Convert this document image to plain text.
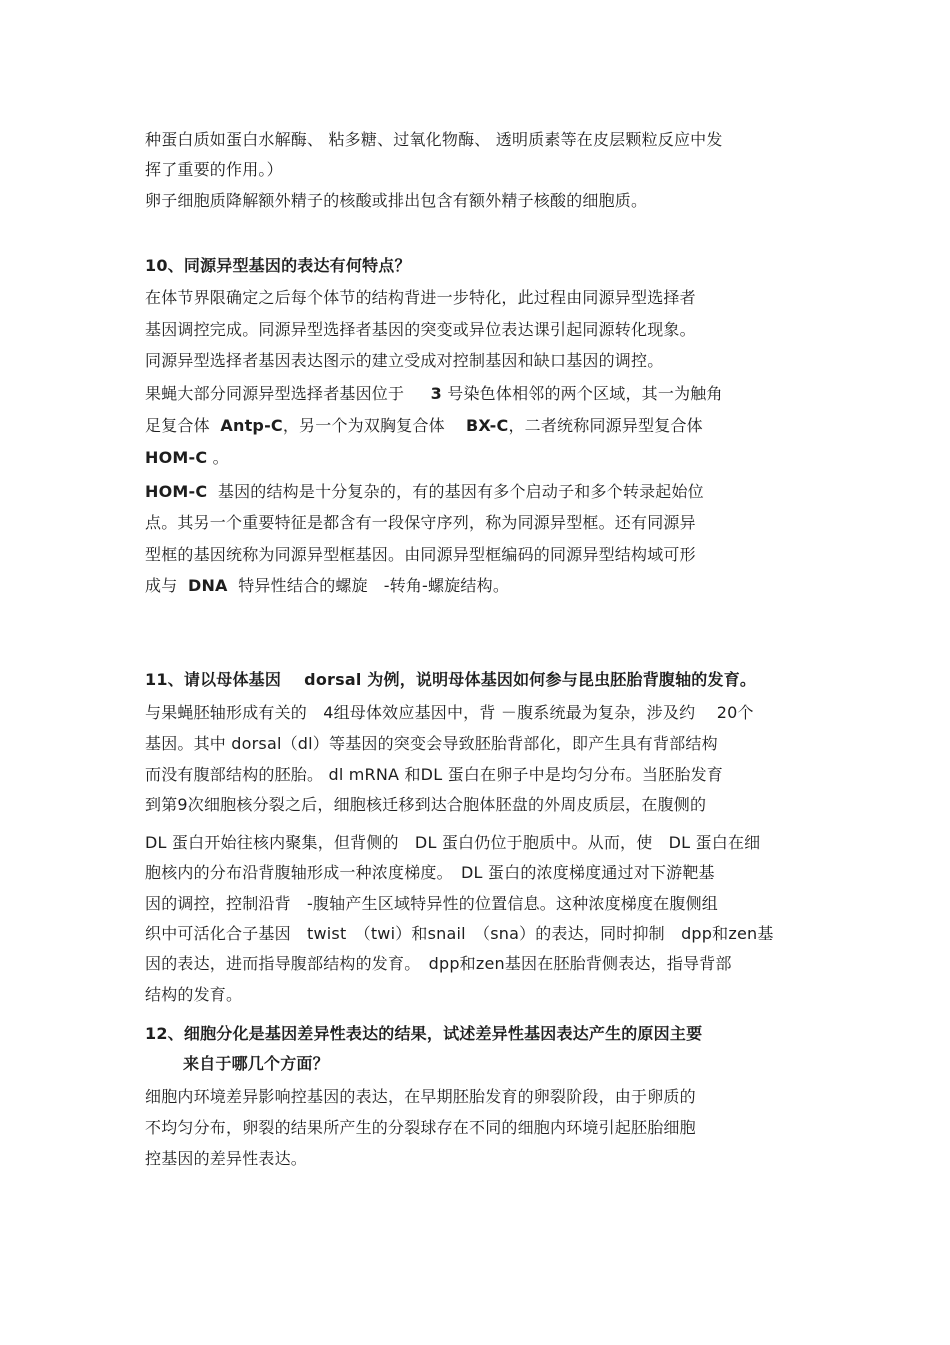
种蛋白质如蛋白水解酶、 粘多糖、过氧化物酶、 透明质素等在皮层颗粒反应中发
挥了重要的作用。）
卵子细胞质降解额外精子的核酸或排出包含有额外精子核酸的细胞质。
10、同源异型基因的表达有何特点？
在体节界限确定之后每个体节的结构背进一步特化，此过程由同源异型选择者
基因调控完成。同源异型选择者基因的突变或异位表达课引起同源转化现象。
同源异型选择者基因表达图示的建立受成对控制基因和缺口基因的调控。
果蝇大部分同源异型选择者基因位于 3 号染色体相邻的两个区域，其一为触角
足复合体 Antp-C，另一个为双胸复合体 BX-C，二者统称同源异型复合体
HOM-C 。
HOM-C 基因的结构是十分复杂的，有的基因有多个启动子和多个转录起始位
点。其另一个重要特征是都含有一段保守序列，称为同源异型框。还有同源异
型框的基因统称为同源异型框基因。由同源异型框编码的同源异型结构域可形
成与 DNA 特异性结合的螺旋 -转角-螺旋结构。
11、请以母体基因 dorsal 为例，说明母体基因如何参与昆虫胚胎背腹轴的发育。
与果蝇胚轴形成有关的　4组母体效应基因中，背 －腹系统最为复杂，涉及约　 20个
基因。其中 dorsal（dl）等基因的突变会导致胚胎背部化，即产生具有背部结构
而没有腹部结构的胚胎。 dl mRNA 和DL 蛋白在卵子中是均匀分布。当胚胎发育
到第9次细胞核分裂之后，细胞核迁移到达合胞体胚盘的外周皮质层，在腹侧的
DL 蛋白开始往核内聚集，但背侧的　DL 蛋白仍位于胞质中。从而，使　DL 蛋白在细
胞核内的分布沿背腹轴形成一种浓度梯度。　DL 蛋白的浓度梯度通过对下游靶基
因的调控，控制沿背　-腹轴产生区域特异性的位置信息。这种浓度梯度在腹侧组
织中可活化合子基因　twist　（twi）和snail　（sna）的表达，同时抑制　dpp和zen基
因的表达，进而指导腹部结构的发育。　dpp和zen基因在胚胎背侧表达，指导背部
结构的发育。
12、细胞分化是基因差异性表达的结果，试述差异性基因表达产生的原因主要
来自于哪几个方面？
细胞内环境差异影响控基因的表达，在早期胚胎发育的卵裂阶段，由于卵质的
不均匀分布，卵裂的结果所产生的分裂球存在不同的细胞内环境引起胚胎细胞
控基因的差异性表达。
